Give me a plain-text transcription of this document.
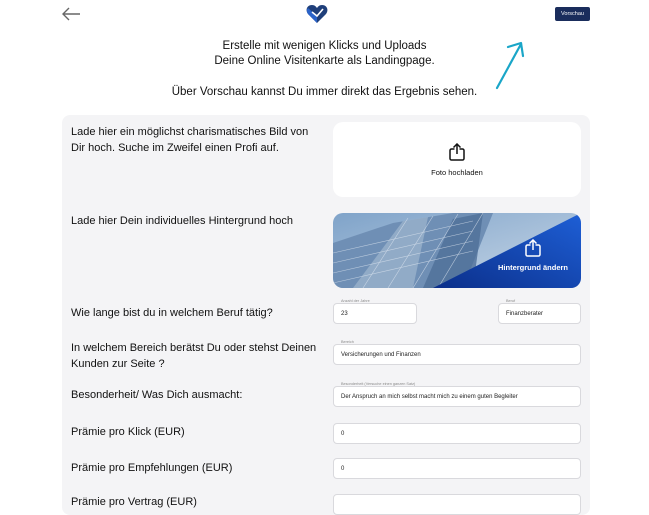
Vorschau
Erstelle mit wenigen Klicks und Uploads
Deine Online Visitenkarte als Landingpage.
Über Vorschau kannst Du immer direkt das Ergebnis sehen.
Lade hier ein möglichst charismatisches Bild von Dir hoch. Suche im Zweifel einen Profi auf.
Foto hochladen
Lade hier Dein individuelles Hintergrund hoch
Hintergrund ändern
Wie lange bist du in welchem Beruf tätig?
Anzahl der Jahre
23
Beruf
Finanzberater
In welchem Bereich berätst Du oder stehst Deinen Kunden zur Seite ?
Bereich
Versicherungen und Finanzen
Besonderheit/ Was Dich ausmacht:
Besonderheit (Versuche einen ganzen Satz)
Der Anspruch an mich selbst macht mich zu einem guten Begleiter
Prämie pro Klick (EUR)	0
Prämie pro Empfehlungen (EUR)	0
Prämie pro Vertrag (EUR)
